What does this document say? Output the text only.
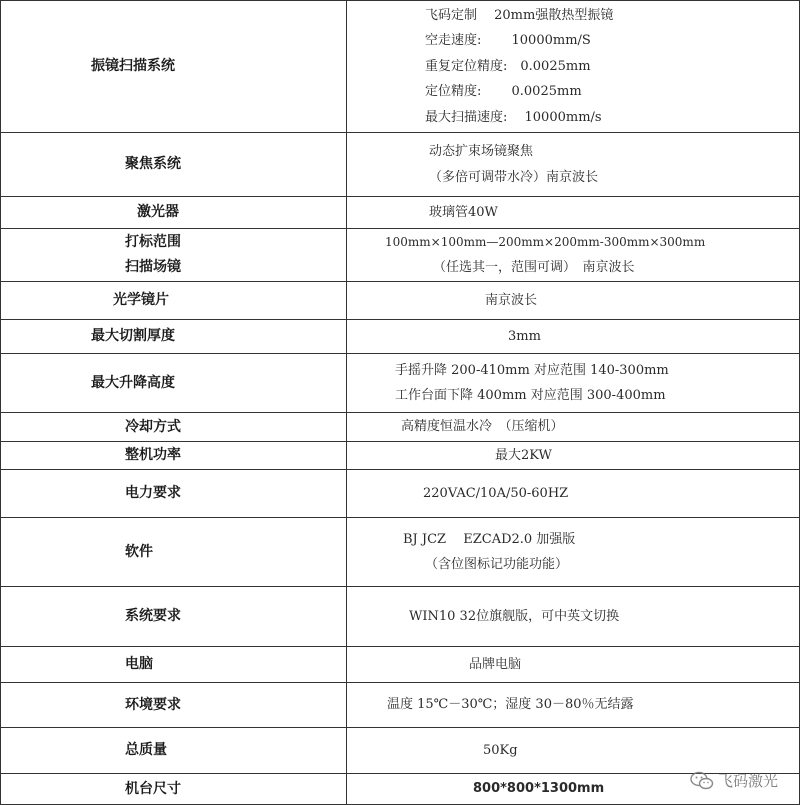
振镜扫描系统	飞码定制　 20mm强散热型振镜
空走速度:　　 10000mm/S
重复定位精度:　0.0025mm
定位精度:　　 0.0025mm
最大扫描速度:　 10000mm/s

聚焦系统	动态扩束场镜聚焦
（多倍可调带水冷）南京波长

激光器	玻璃管40W

打标范围
扫描场镜	100mm×100mm—200mm×200mm-300mm×300mm
（任选其一，范围可调）　南京波长

光学镜片	南京波长

最大切割厚度	3mm

最大升降高度	手摇升降 200-410mm 对应范围 140-300mm
工作台面下降 400mm 对应范围 300-400mm

冷却方式	高精度恒温水冷　（压缩机）

整机功率	最大2KW

电力要求	220VAC/10A/50-60HZ

软件	BJ JCZ　 EZCAD2.0 加强版
（含位图标记功能功能）

系统要求	WIN10 32位旗舰版，可中英文切换

电脑	品牌电脑

环境要求	温度 15℃－30℃；湿度 30－80％无结露

总质量	50Kg

机台尺寸	800*800*1300mm	飞码激光
